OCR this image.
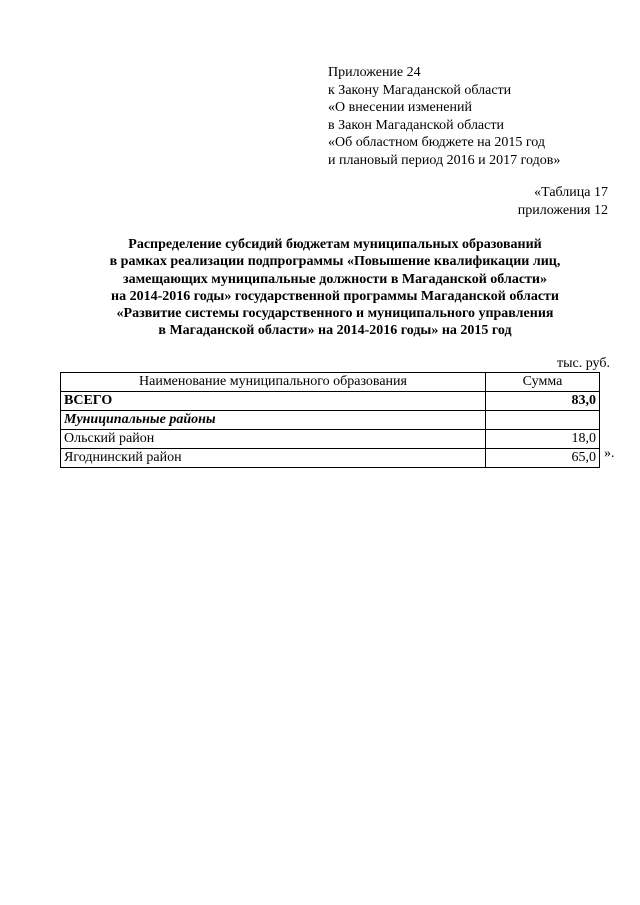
Приложение 24
к Закону Магаданской области
«О внесении изменений
в Закон Магаданской области
«Об областном бюджете на 2015 год
и плановый период 2016 и 2017 годов»
«Таблица 17
приложения 12
Распределение субсидий бюджетам муниципальных образований
в рамках реализации подпрограммы «Повышение квалификации лиц,
замещающих муниципальные должности в Магаданской области»
на 2014-2016 годы» государственной программы Магаданской области
«Развитие системы государственного и муниципального управления
в Магаданской области» на 2014-2016 годы» на 2015 год
тыс. руб.
Наименование муниципального образования	Сумма
ВСЕГО	83,0
Муниципальные районы	
Ольский район	18,0
Ягоднинский район	65,0 ».
